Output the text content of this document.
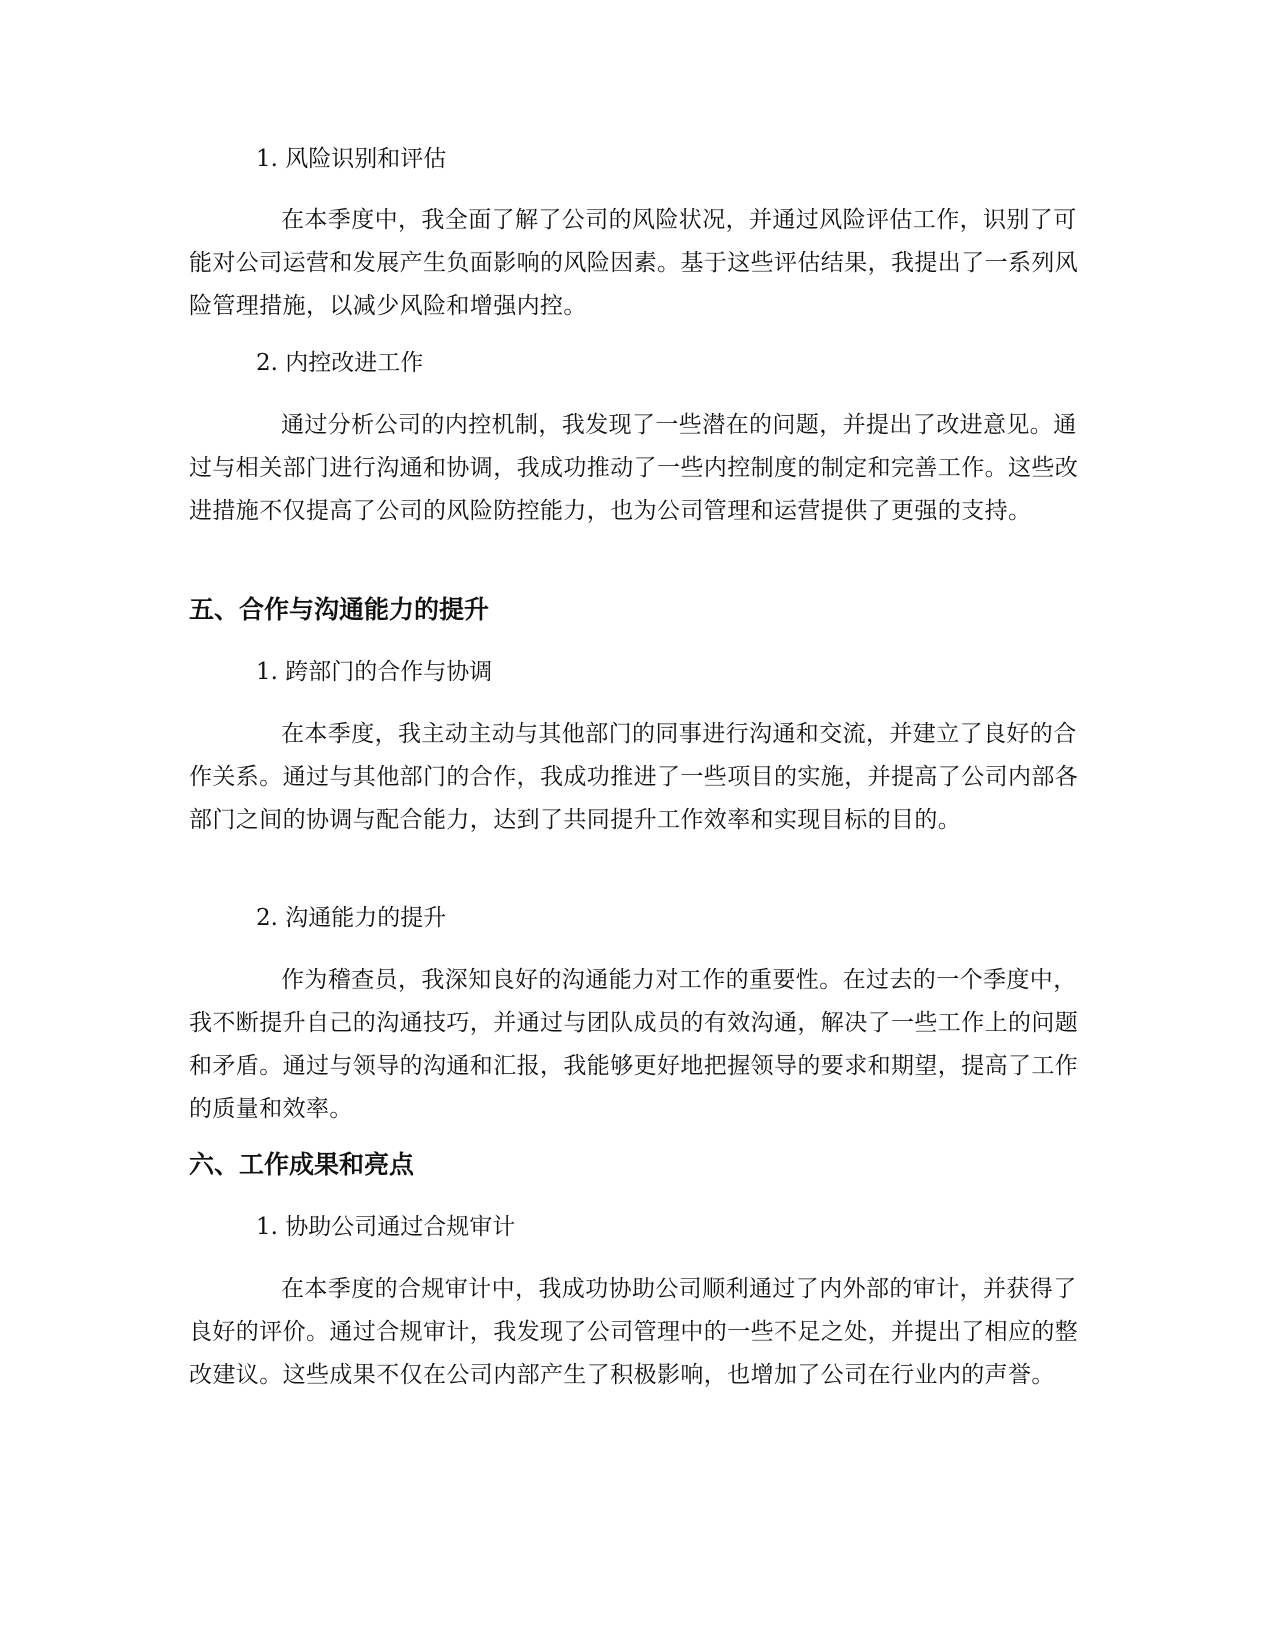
1. 风险识别和评估
在本季度中，我全面了解了公司的风险状况，并通过风险评估工作，识别了可能对公司运营和发展产生负面影响的风险因素。基于这些评估结果，我提出了一系列风险管理措施，以减少风险和增强内控。
2. 内控改进工作
通过分析公司的内控机制，我发现了一些潜在的问题，并提出了改进意见。通过与相关部门进行沟通和协调，我成功推动了一些内控制度的制定和完善工作。这些改进措施不仅提高了公司的风险防控能力，也为公司管理和运营提供了更强的支持。
五、合作与沟通能力的提升
1. 跨部门的合作与协调
在本季度，我主动主动与其他部门的同事进行沟通和交流，并建立了良好的合作关系。通过与其他部门的合作，我成功推进了一些项目的实施，并提高了公司内部各部门之间的协调与配合能力，达到了共同提升工作效率和实现目标的目的。
2. 沟通能力的提升
作为稽查员，我深知良好的沟通能力对工作的重要性。在过去的一个季度中，我不断提升自己的沟通技巧，并通过与团队成员的有效沟通，解决了一些工作上的问题和矛盾。通过与领导的沟通和汇报，我能够更好地把握领导的要求和期望，提高了工作的质量和效率。
六、工作成果和亮点
1. 协助公司通过合规审计
在本季度的合规审计中，我成功协助公司顺利通过了内外部的审计，并获得了良好的评价。通过合规审计，我发现了公司管理中的一些不足之处，并提出了相应的整改建议。这些成果不仅在公司内部产生了积极影响，也增加了公司在行业内的声誉。
